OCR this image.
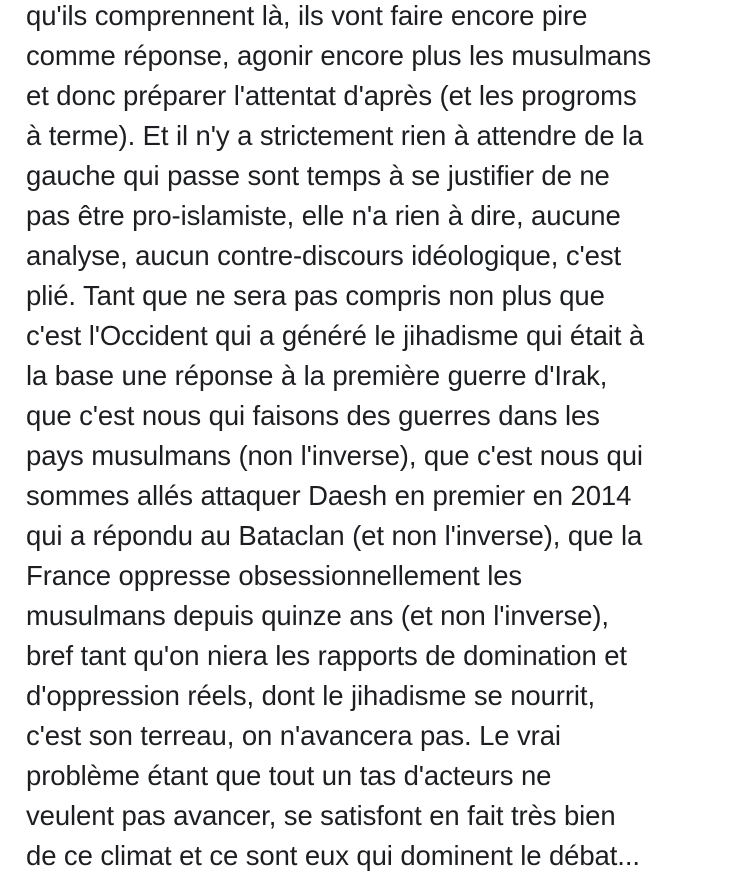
qu'ils comprennent là, ils vont faire encore pire
comme réponse, agonir encore plus les musulmans
et donc préparer l'attentat d'après (et les progroms
à terme). Et il n'y a strictement rien à attendre de la
gauche qui passe sont temps à se justifier de ne
pas être pro-islamiste, elle n'a rien à dire, aucune
analyse, aucun contre-discours idéologique, c'est
plié. Tant que ne sera pas compris non plus que
c'est l'Occident qui a généré le jihadisme qui était à
la base une réponse à la première guerre d'Irak,
que c'est nous qui faisons des guerres dans les
pays musulmans (non l'inverse), que c'est nous qui
sommes allés attaquer Daesh en premier en 2014
qui a répondu au Bataclan (et non l'inverse), que la
France oppresse obsessionnellement les
musulmans depuis quinze ans (et non l'inverse),
bref tant qu'on niera les rapports de domination et
d'oppression réels, dont le jihadisme se nourrit,
c'est son terreau, on n'avancera pas. Le vrai
problème étant que tout un tas d'acteurs ne
veulent pas avancer, se satisfont en fait très bien
de ce climat et ce sont eux qui dominent le débat...
